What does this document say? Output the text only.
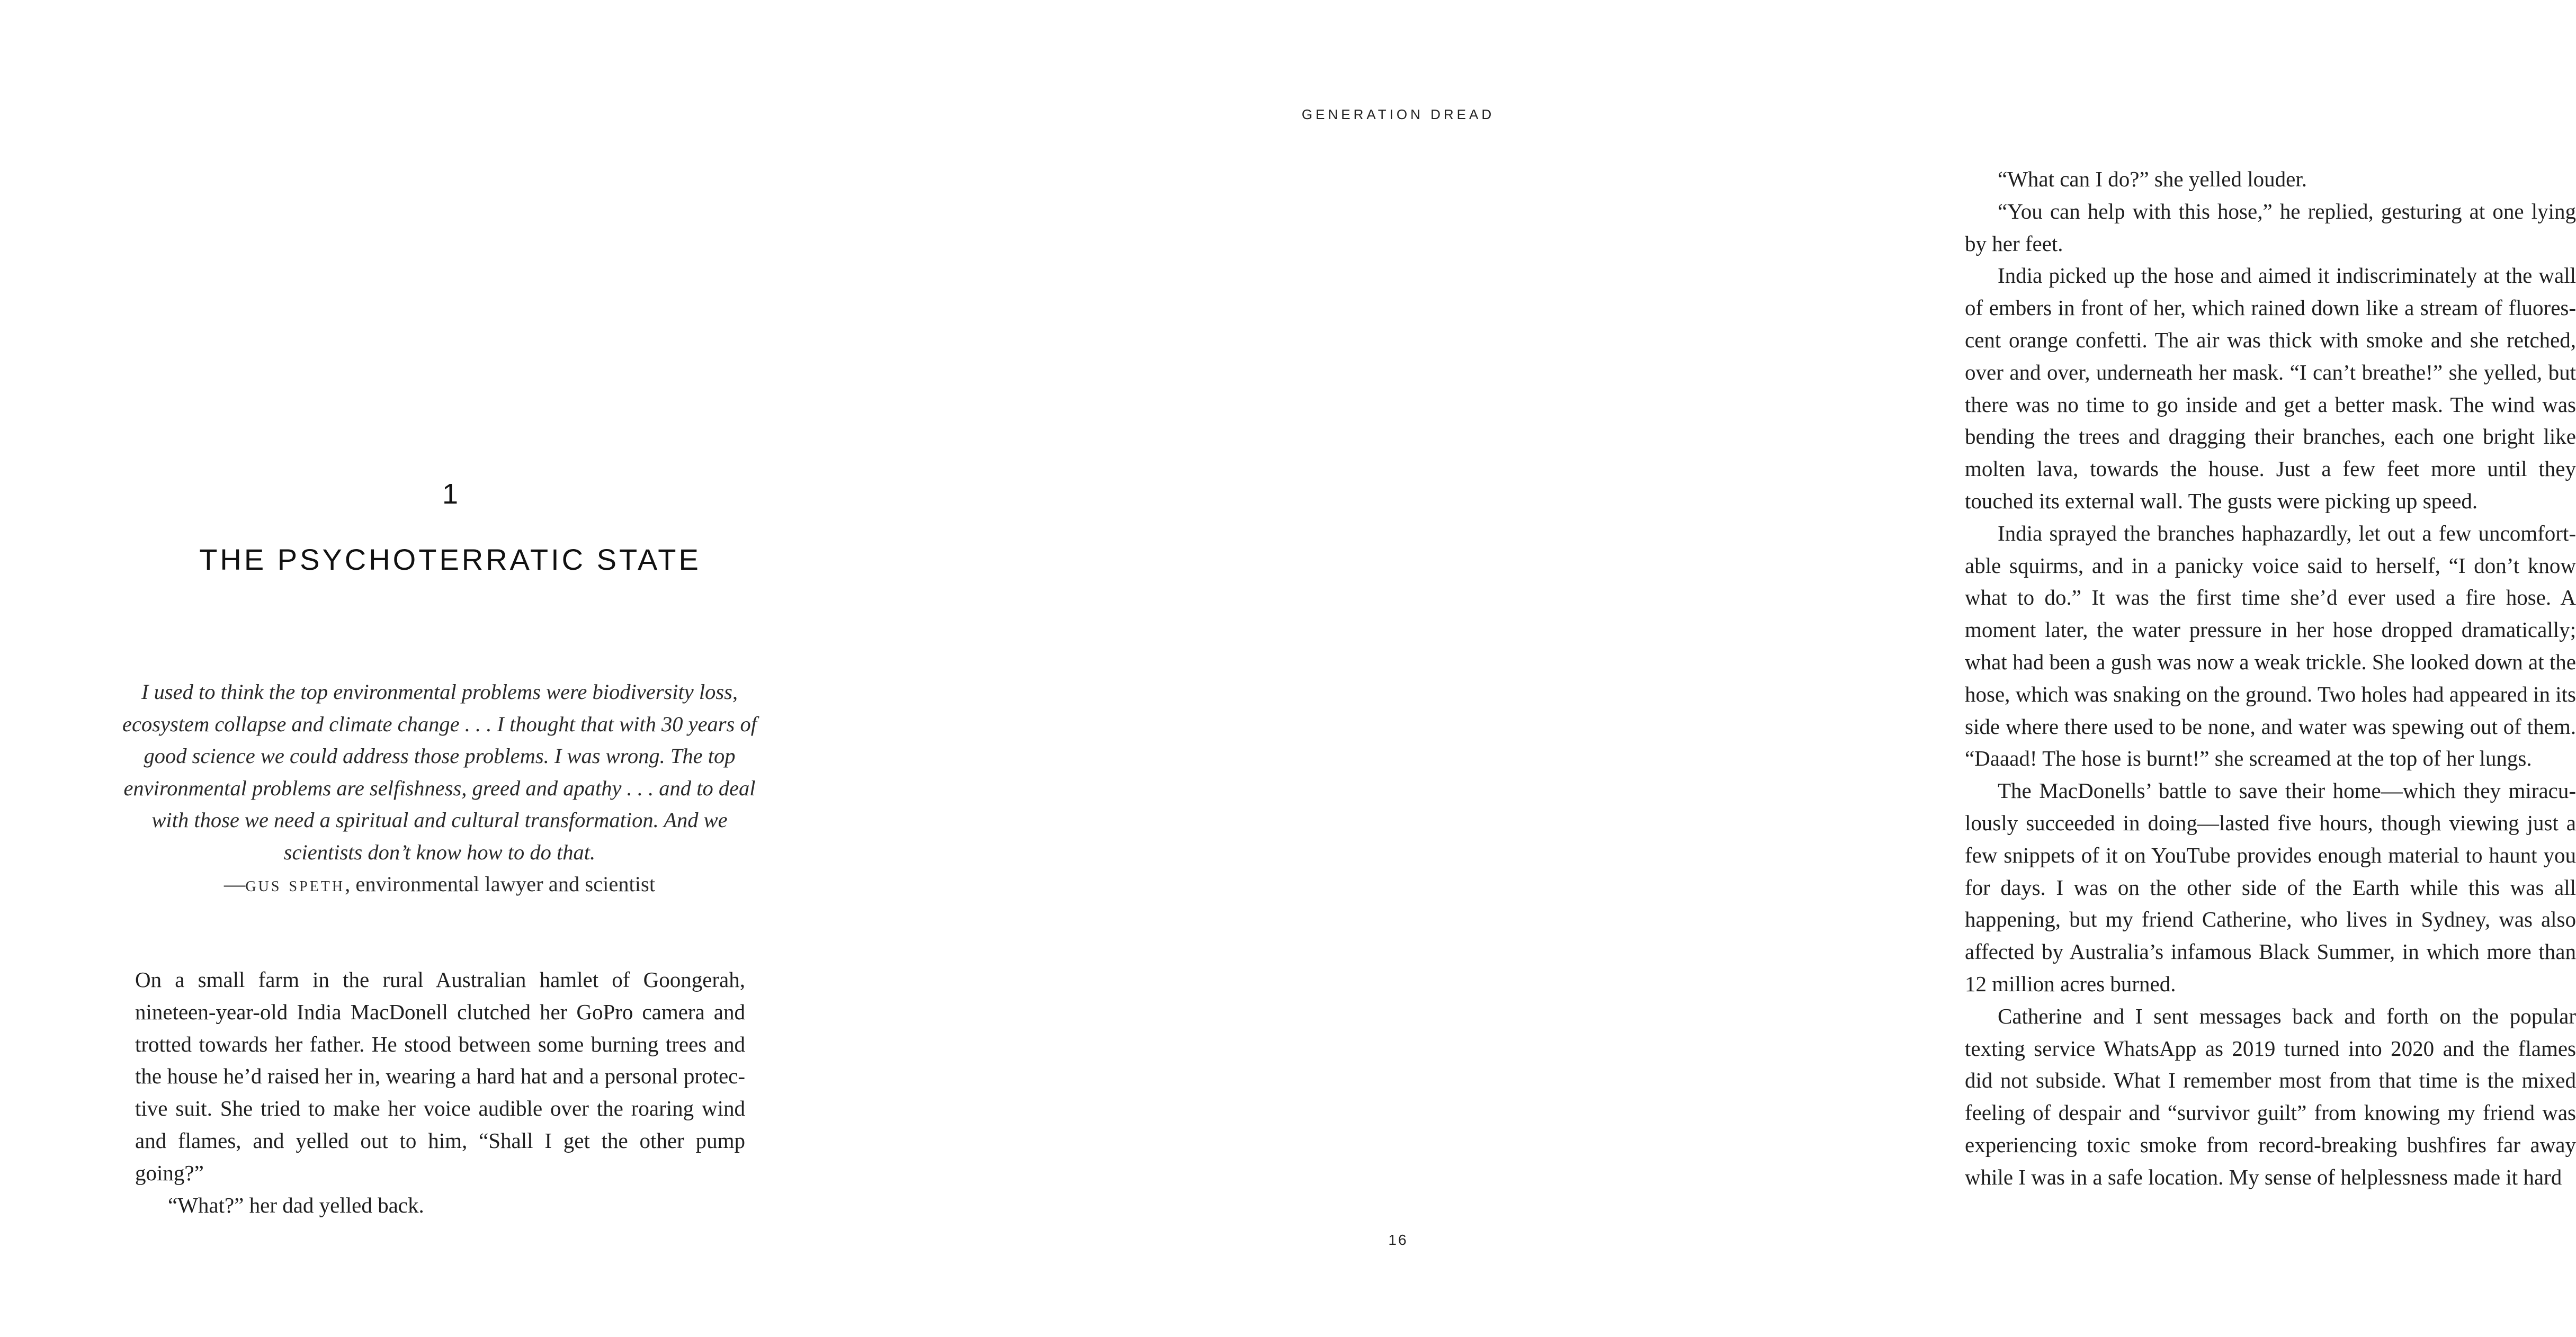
1
THE PSYCHOTERRATIC STATE
I used to think the top environmental problems were biodiversity loss, ecosystem collapse and climate change . . . I thought that with 30 years of good science we could address those problems. I was wrong. The top environmental problems are selfishness, greed and apathy . . . and to deal with those we need a spiritual and cultural transformation. And we scientists don’t know how to do that.
—gus speth, environmental lawyer and scientist

On a small farm in the rural Australian hamlet of Goongerah, nineteen-year-old India MacDonell clutched her GoPro camera and trotted towards her father. He stood between some burning trees and the house he’d raised her in, wearing a hard hat and a personal protective suit. She tried to make her voice audible over the roaring wind and flames, and yelled out to him, “Shall I get the other pump going?”

“What?” her dad yelled back.

GENERATION DREAD

“What can I do?” she yelled louder.

“You can help with this hose,” he replied, gesturing at one lying by her feet.

India picked up the hose and aimed it indiscriminately at the wall of embers in front of her, which rained down like a stream of fluorescent orange confetti. The air was thick with smoke and she retched, over and over, underneath her mask. “I can’t breathe!” she yelled, but there was no time to go inside and get a better mask. The wind was bending the trees and dragging their branches, each one bright like molten lava, towards the house. Just a few feet more until they touched its external wall. The gusts were picking up speed.

India sprayed the branches haphazardly, let out a few uncomfortable squirms, and in a panicky voice said to herself, “I don’t know what to do.” It was the first time she’d ever used a fire hose. A moment later, the water pressure in her hose dropped dramatically; what had been a gush was now a weak trickle. She looked down at the hose, which was snaking on the ground. Two holes had appeared in its side where there used to be none, and water was spewing out of them. “Daaad! The hose is burnt!” she screamed at the top of her lungs.

The MacDonells’ battle to save their home—which they miraculously succeeded in doing—lasted five hours, though viewing just a few snippets of it on YouTube provides enough material to haunt you for days. I was on the other side of the Earth while this was all happening, but my friend Catherine, who lives in Sydney, was also affected by Australia’s infamous Black Summer, in which more than 12 million acres burned.

Catherine and I sent messages back and forth on the popular texting service WhatsApp as 2019 turned into 2020 and the flames did not subside. What I remember most from that time is the mixed feeling of despair and “survivor guilt” from knowing my friend was experiencing toxic smoke from record-breaking bushfires far away while I was in a safe location. My sense of helplessness made it hard

16
